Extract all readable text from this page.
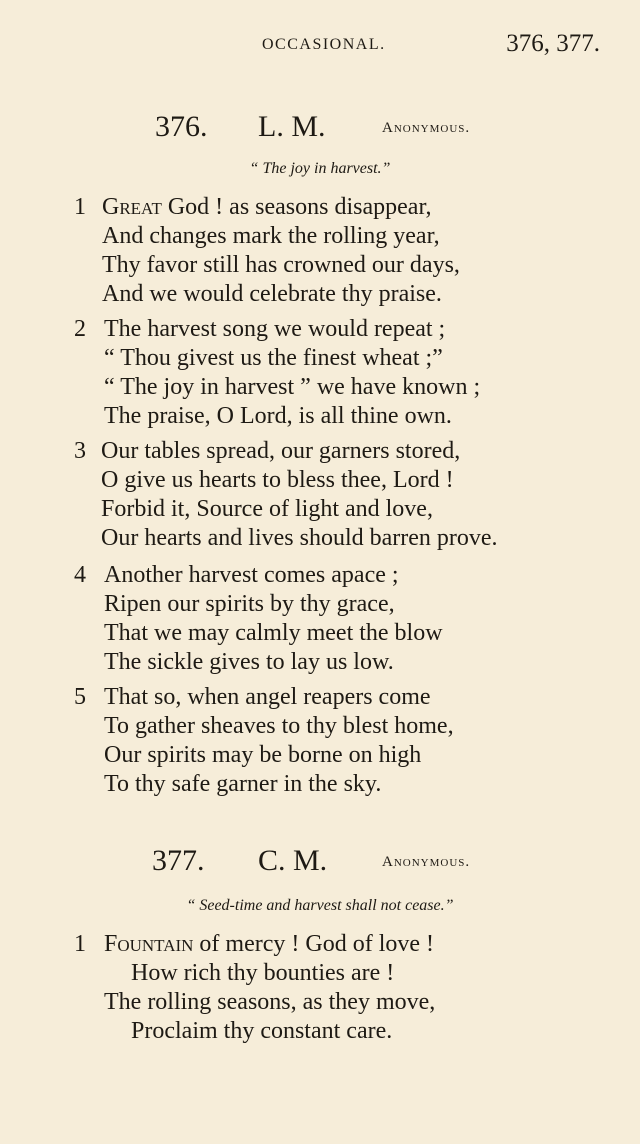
OCCASIONAL.	376, 377.
376. L. M.	Anonymous.
“ The joy in harvest.”
1 Great God ! as seasons disappear,
And changes mark the rolling year,
Thy favor still has crowned our days,
And we would celebrate thy praise.
2 The harvest song we would repeat ;
“ Thou givest us the finest wheat ;”
“ The joy in harvest ” we have known ;
The praise, O Lord, is all thine own.
3 Our tables spread, our garners stored,
O give us hearts to bless thee, Lord !
Forbid it, Source of light and love,
Our hearts and lives should barren prove.
4 Another harvest comes apace ;
Ripen our spirits by thy grace,
That we may calmly meet the blow
The sickle gives to lay us low.
5 That so, when angel reapers come
To gather sheaves to thy blest home,
Our spirits may be borne on high
To thy safe garner in the sky.
377. C. M.	Anonymous.
“ Seed-time and harvest shall not cease.”
1 Fountain of mercy ! God of love !
How rich thy bounties are !
The rolling seasons, as they move,
Proclaim thy constant care.
